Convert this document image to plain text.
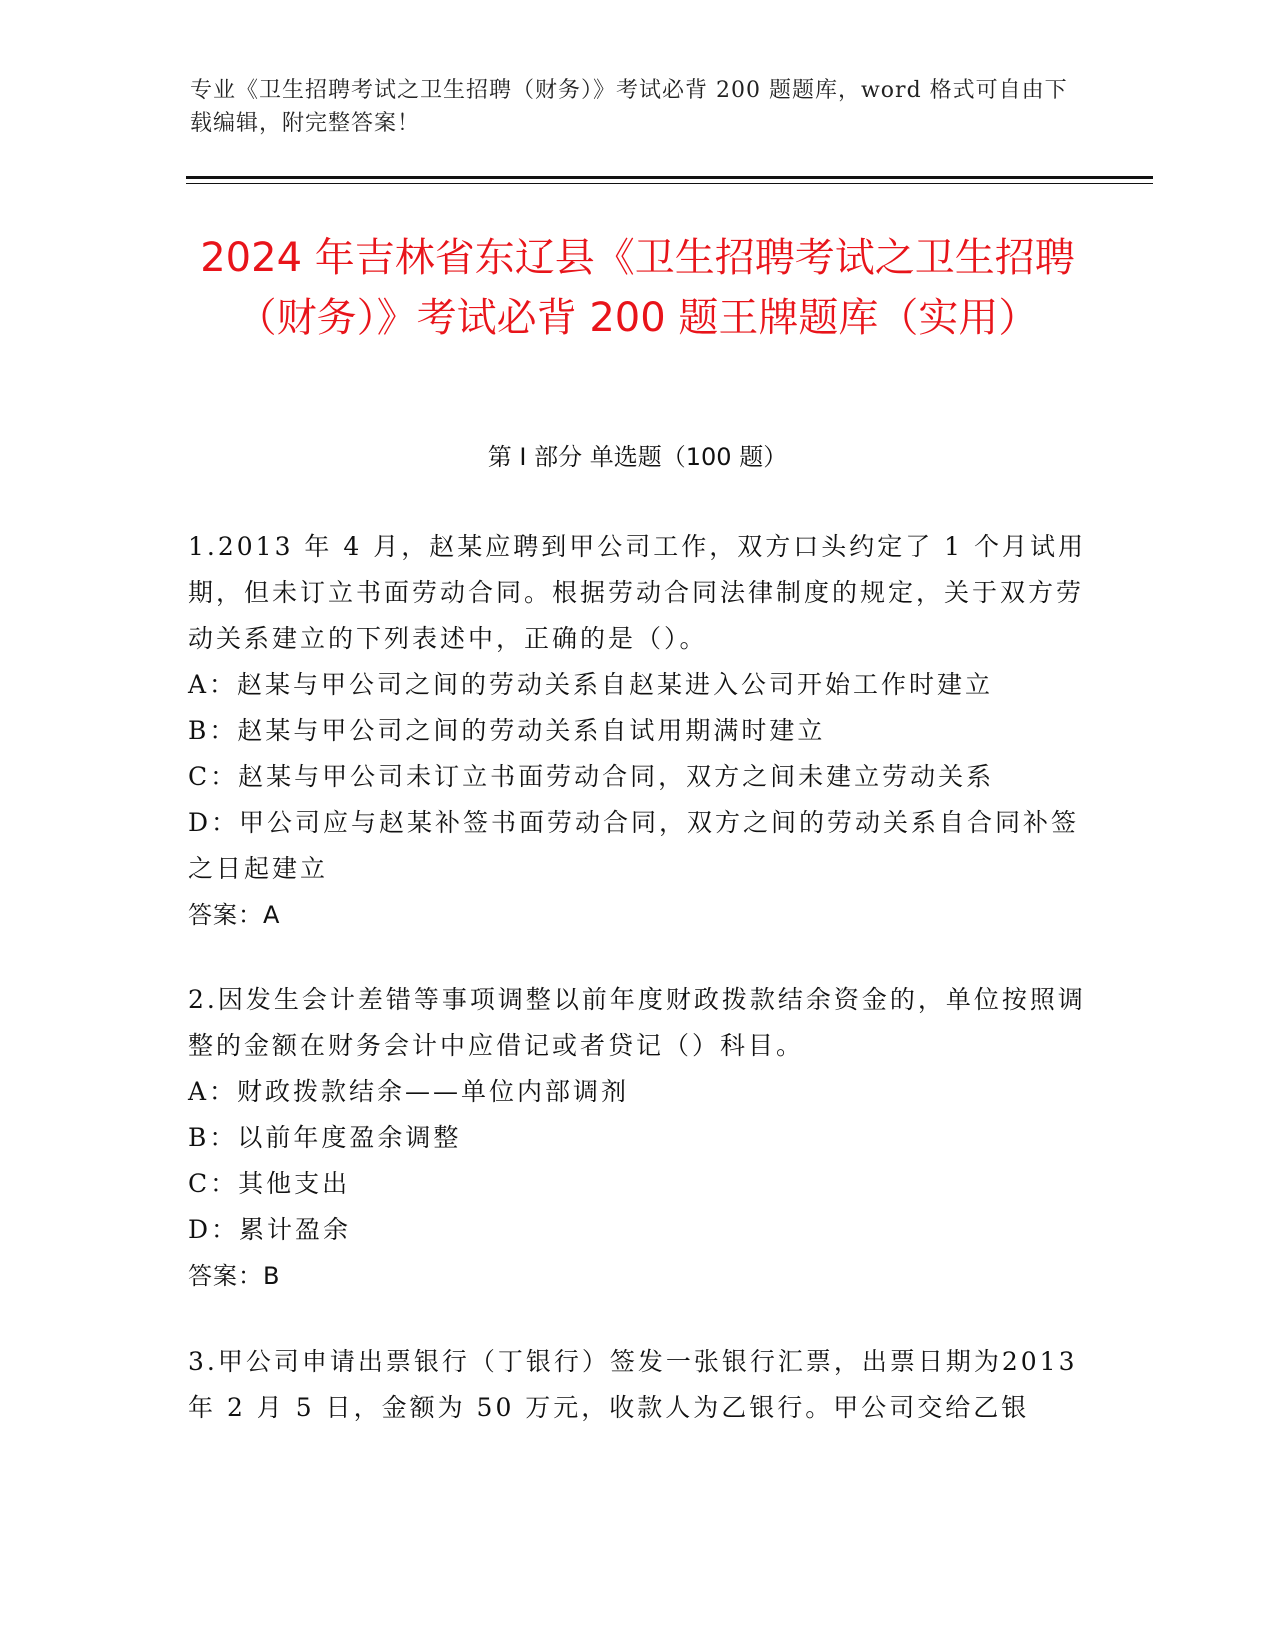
专业《卫生招聘考试之卫生招聘（财务）》考试必背 200 题题库，word 格式可自由下载编辑，附完整答案！
2024 年吉林省东辽县《卫生招聘考试之卫生招聘（财务）》考试必背 200 题王牌题库（实用）
第 I 部分 单选题（100 题）

1.2013 年 4 月，赵某应聘到甲公司工作，双方口头约定了 1 个月试用期，但未订立书面劳动合同。根据劳动合同法律制度的规定，关于双方劳动关系建立的下列表述中，正确的是（）。

A：赵某与甲公司之间的劳动关系自赵某进入公司开始工作时建立

B：赵某与甲公司之间的劳动关系自试用期满时建立

C：赵某与甲公司未订立书面劳动合同，双方之间未建立劳动关系

D：甲公司应与赵某补签书面劳动合同，双方之间的劳动关系自合同补签之日起建立

答案：A

2.因发生会计差错等事项调整以前年度财政拨款结余资金的，单位按照调整的金额在财务会计中应借记或者贷记（）科目。

A：财政拨款结余——单位内部调剂

B：以前年度盈余调整

C：其他支出

D：累计盈余

答案：B

3.甲公司申请出票银行（丁银行）签发一张银行汇票，出票日期为2013 年 2 月 5 日，金额为 50 万元，收款人为乙银行。甲公司交给乙银
